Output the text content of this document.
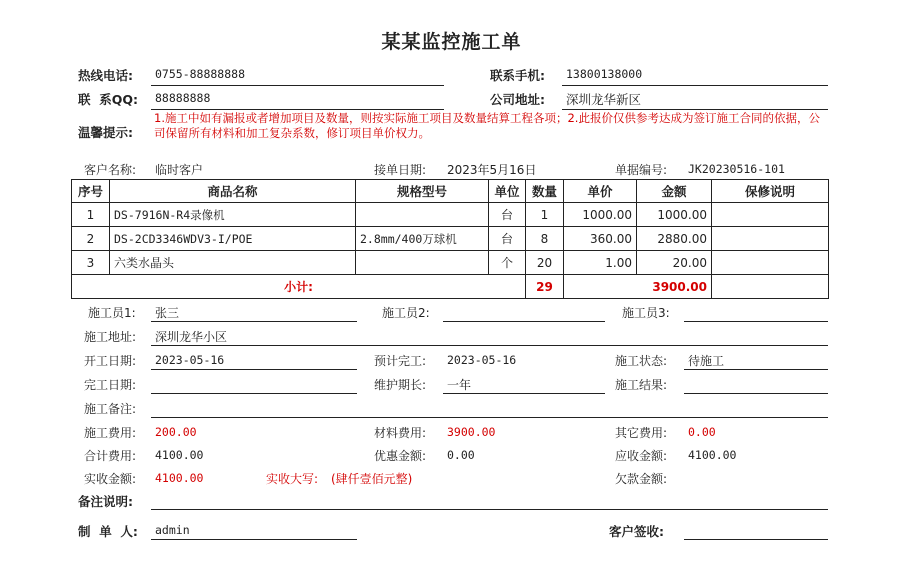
某某监控施工单
热线电话: 0755-88888888	联系手机: 13800138000
联  系QQ: 88888888	公司地址: 深圳龙华新区
温馨提示:
1.施工中如有漏报或者增加项目及数量，则按实际施工项目及数量结算工程各项；2.此报价仅供参考达成为签订施工合同的依据，公司保留所有材料和加工复杂系数，修订项目单价权力。
客户名称: 临时客户	接单日期: 2023年5月16日	单据编号: JK20230516-101
序号	商品名称	规格型号	单位	数量	单价	金额	保修说明
1	DS-7916N-R4录像机		台	1	1000.00	1000.00	
2	DS-2CD3346WDV3-I/POE	2.8mm/400万球机	台	8	360.00	2880.00	
3	六类水晶头		个	20	1.00	20.00	
小计:				29	3900.00		
施工员1: 张三	施工员2:	施工员3:
施工地址: 深圳龙华小区
开工日期: 2023-05-16	预计完工: 2023-05-16	施工状态: 待施工
完工日期:	维护期长: 一年	施工结果:
施工备注:
施工费用: 200.00	材料费用: 3900.00	其它费用: 0.00
合计费用: 4100.00	优惠金额: 0.00	应收金额: 4100.00
实收金额: 4100.00	实收大写: (肆仟壹佰元整)	欠款金额:
备注说明:
制  单  人: admin	客户签收:
